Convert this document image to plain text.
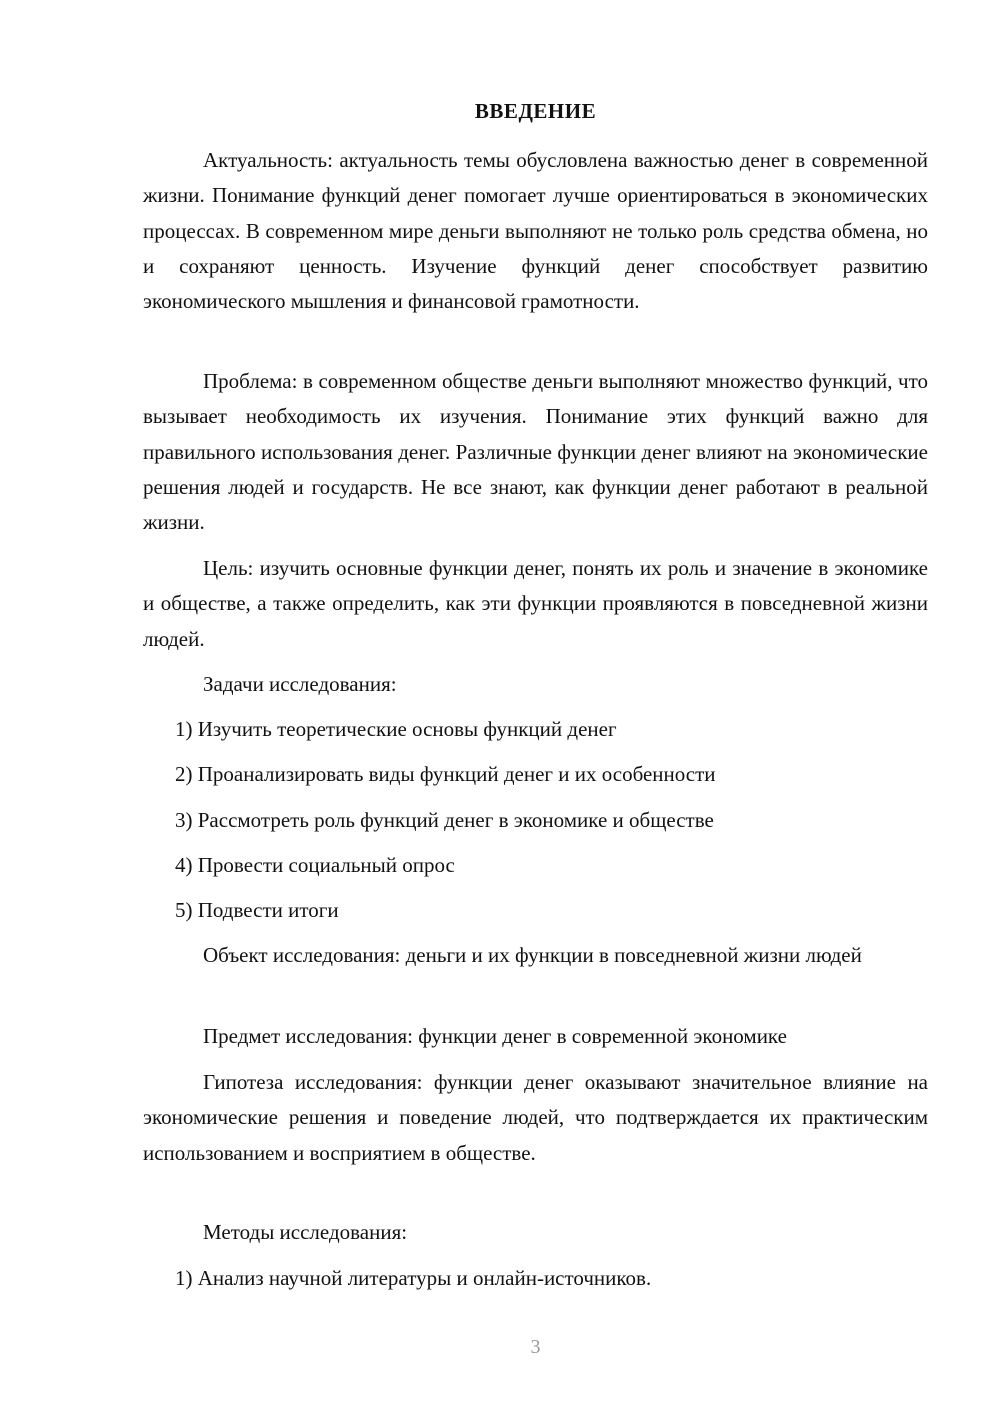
ВВЕДЕНИЕ

Актуальность: актуальность темы обусловлена важностью денег в современной жизни. Понимание функций денег помогает лучше ориентироваться в экономических процессах. В современном мире деньги выполняют не только роль средства обмена, но и сохраняют ценность. Изучение функций денег способствует развитию экономического мышления и финансовой грамотности.

Проблема: в современном обществе деньги выполняют множество функций, что вызывает необходимость их изучения. Понимание этих функций важно для правильного использования денег. Различные функции денег влияют на экономические решения людей и государств. Не все знают, как функции денег работают в реальной жизни.

Цель: изучить основные функции денег, понять их роль и значение в экономике и обществе, а также определить, как эти функции проявляются в повседневной жизни людей.

Задачи исследования:

1) Изучить теоретические основы функций денег

2) Проанализировать виды функций денег и их особенности

3) Рассмотреть роль функций денег в экономике и обществе

4) Провести социальный опрос

5) Подвести итоги

Объект исследования: деньги и их функции в повседневной жизни людей

Предмет исследования: функции денег в современной экономике

Гипотеза исследования: функции денег оказывают значительное влияние на экономические решения и поведение людей, что подтверждается их практическим использованием и восприятием в обществе.

Методы исследования:

1) Анализ научной литературы и онлайн-источников.

3
